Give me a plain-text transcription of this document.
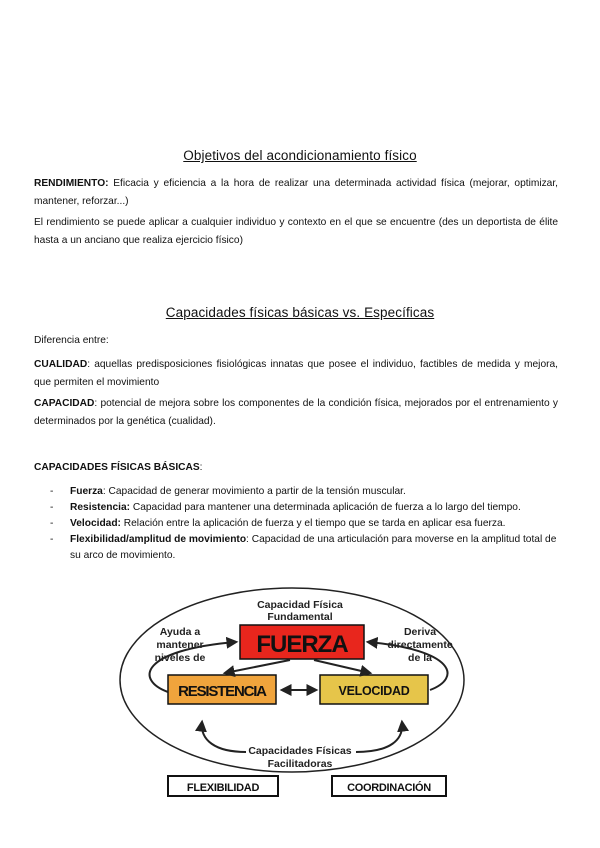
Objetivos del acondicionamiento físico
RENDIMIENTO: Eficacia y eficiencia a la hora de realizar una determinada actividad física (mejorar, optimizar, mantener, reforzar...)
El rendimiento se puede aplicar a cualquier individuo y contexto en el que se encuentre (des un deportista de élite hasta a un anciano que realiza ejercicio físico)
Capacidades físicas básicas vs. Específicas
Diferencia entre:
CUALIDAD: aquellas predisposiciones fisiológicas innatas que posee el individuo, factibles de medida y mejora, que permiten el movimiento
CAPACIDAD: potencial de mejora sobre los componentes de la condición física, mejorados por el entrenamiento y determinados por la genética (cualidad).
CAPACIDADES FÍSICAS BÁSICAS:
- Fuerza: Capacidad de generar movimiento a partir de la tensión muscular.
- Resistencia: Capacidad para mantener una determinada aplicación de fuerza a lo largo del tiempo.
- Velocidad: Relación entre la aplicación de fuerza y el tiempo que se tarda en aplicar esa fuerza.
- Flexibilidad/amplitud de movimiento: Capacidad de una articulación para moverse en la amplitud total de su arco de movimiento.
Capacidad Física
Fundamental
FUERZA
RESISTENCIA	VELOCIDAD
Ayuda a
mantener
niveles de
Deriva
directamente
de la
Capacidades Físicas
Facilitadoras
FLEXIBILIDAD	COORDINACIÓN
